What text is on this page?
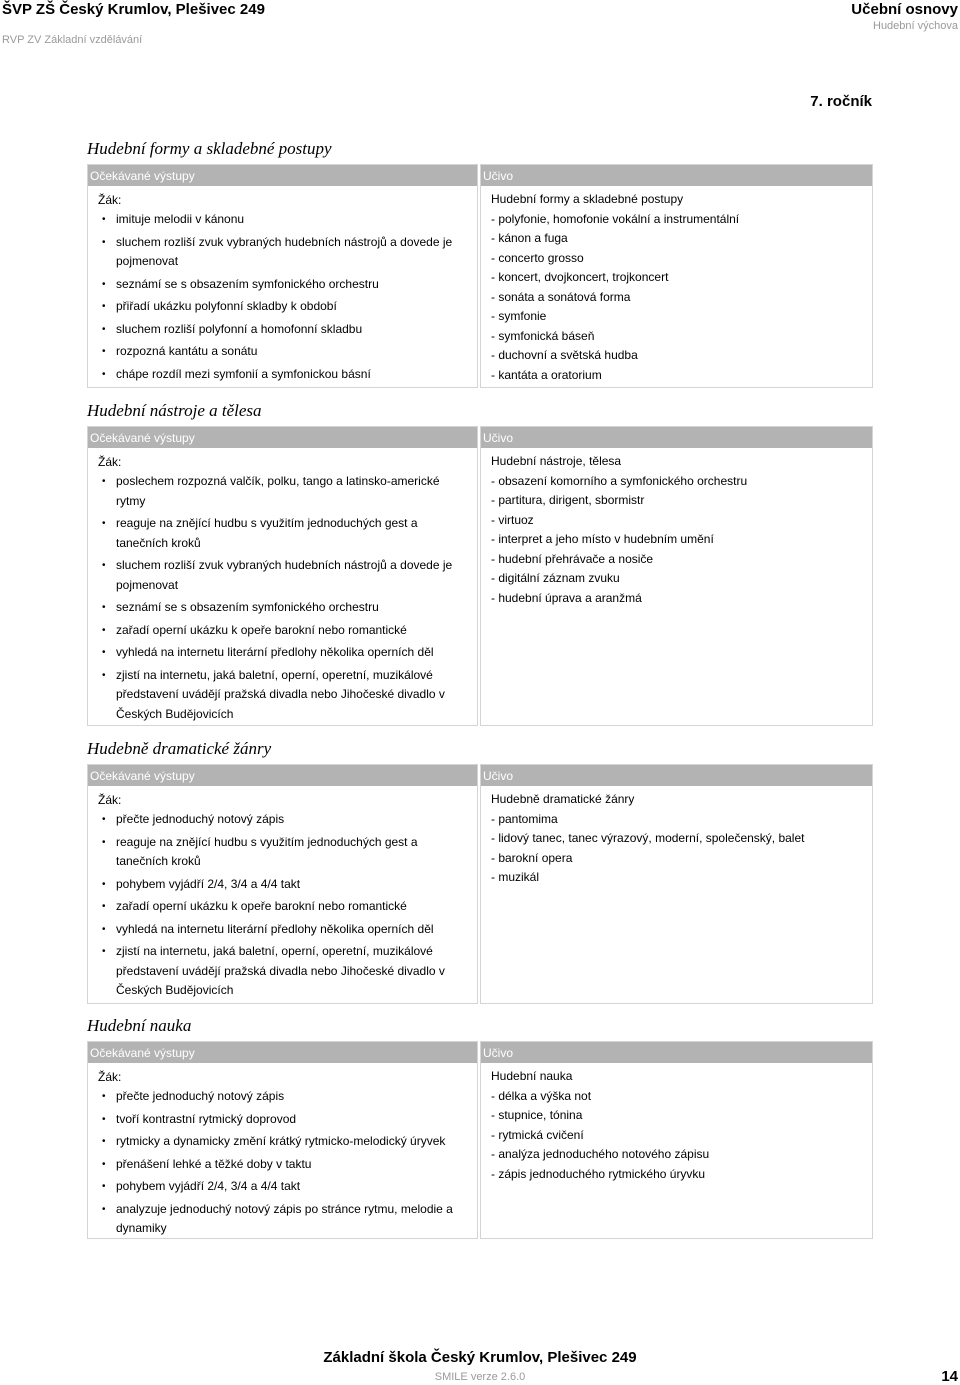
ŠVP ZŠ Český Krumlov, Plešivec 249
RVP ZV Základní vzdělávání
Učební osnovy
Hudební výchova
7. ročník
Hudební formy a skladebné postupy
Očekávané výstupy
Žák:
• imituje melodii v kánonu
• sluchem rozliší zvuk vybraných hudebních nástrojů a dovede je pojmenovat
• seznámí se s obsazením symfonického orchestru
• přiřadí ukázku polyfonní skladby k období
• sluchem rozliší polyfonní a homofonní skladbu
• rozpozná kantátu a sonátu
• chápe rozdíl mezi symfonií a symfonickou básní
Učivo
Hudební formy a skladebné postupy
- polyfonie, homofonie vokální a instrumentální
- kánon a fuga
- concerto grosso
- koncert, dvojkoncert, trojkoncert
- sonáta a sonátová forma
- symfonie
- symfonická báseň
- duchovní a světská hudba
- kantáta a oratorium
Hudební nástroje a tělesa
Očekávané výstupy
Žák:
• poslechem rozpozná valčík, polku, tango a latinsko-americké rytmy
• reaguje na znějící hudbu s využitím jednoduchých gest a tanečních kroků
• sluchem rozliší zvuk vybraných hudebních nástrojů a dovede je pojmenovat
• seznámí se s obsazením symfonického orchestru
• zařadí operní ukázku k opeře barokní nebo romantické
• vyhledá na internetu literární předlohy několika operních děl
• zjistí na internetu, jaká baletní, operní, operetní, muzikálové představení uvádějí pražská divadla nebo Jihočeské divadlo v Českých Budějovicích
Učivo
Hudební nástroje, tělesa
- obsazení komorního a symfonického orchestru
- partitura, dirigent, sbormistr
- virtuoz
- interpret a jeho místo v hudebním umění
- hudební přehrávače a nosiče
- digitální záznam zvuku
- hudební úprava a aranžmá
Hudebně dramatické žánry
Očekávané výstupy
Žák:
• přečte jednoduchý notový zápis
• reaguje na znějící hudbu s využitím jednoduchých gest a tanečních kroků
• pohybem vyjádří 2/4, 3/4 a 4/4 takt
• zařadí operní ukázku k opeře barokní nebo romantické
• vyhledá na internetu literární předlohy několika operních děl
• zjistí na internetu, jaká baletní, operní, operetní, muzikálové představení uvádějí pražská divadla nebo Jihočeské divadlo v Českých Budějovicích
Učivo
Hudebně dramatické žánry
- pantomima
- lidový tanec, tanec výrazový, moderní, společenský, balet
- barokní opera
- muzikál
Hudební nauka
Očekávané výstupy
Žák:
• přečte jednoduchý notový zápis
• tvoří kontrastní rytmický doprovod
• rytmicky a dynamicky změní krátký rytmicko-melodický úryvek
• přenášení lehké a těžké doby v taktu
• pohybem vyjádří 2/4, 3/4 a 4/4 takt
• analyzuje jednoduchý notový zápis po stránce rytmu, melodie a dynamiky
Učivo
Hudební nauka
- délka a výška not
- stupnice, tónina
- rytmická cvičení
- analýza jednoduchého notového zápisu
- zápis jednoduchého rytmického úryvku
Základní škola Český Krumlov, Plešivec 249
SMILE verze 2.6.0	14
